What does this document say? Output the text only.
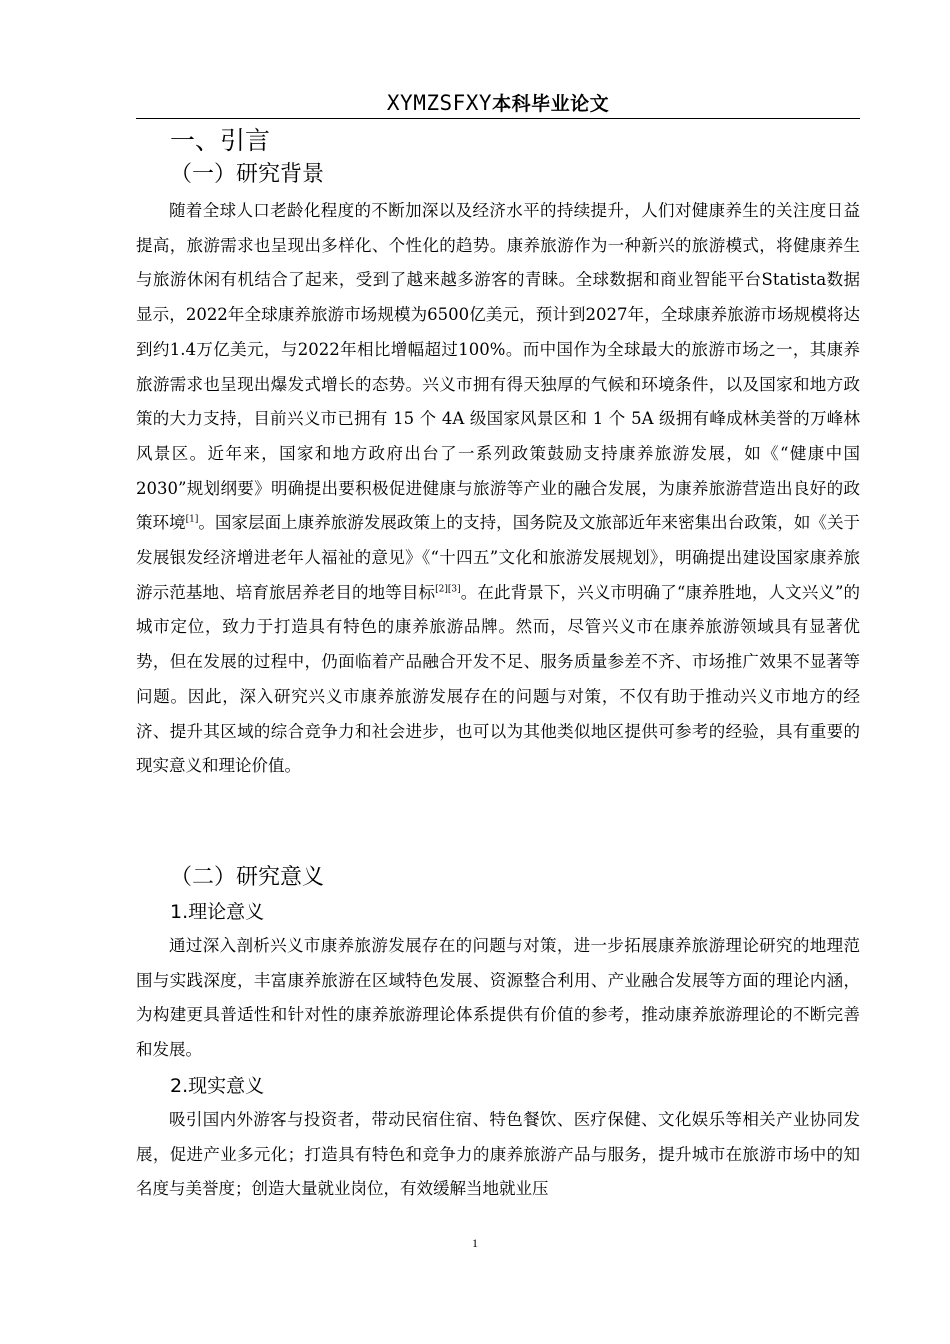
XYMZSFXY本科毕业论文
一、引言
（一）研究背景

随着全球人口老龄化程度的不断加深以及经济水平的持续提升，人们对健康养生的关注度日益提高，旅游需求也呈现出多样化、个性化的趋势。康养旅游作为一种新兴的旅游模式，将健康养生与旅游休闲有机结合了起来，受到了越来越多游客的青睐。全球数据和商业智能平台Statista数据显示，2022年全球康养旅游市场规模为6500亿美元，预计到2027年，全球康养旅游市场规模将达到约1.4万亿美元，与2022年相比增幅超过100%。而中国作为全球最大的旅游市场之一，其康养旅游需求也呈现出爆发式增长的态势。兴义市拥有得天独厚的气候和环境条件，以及国家和地方政策的大力支持，目前兴义市已拥有 15 个 4A 级国家风景区和 1 个 5A 级拥有峰成林美誉的万峰林风景区。近年来，国家和地方政府出台了一系列政策鼓励支持康养旅游发展，如《“健康中国 2030”规划纲要》明确提出要积极促进健康与旅游等产业的融合发展，为康养旅游营造出良好的政策环境[1]。国家层面上康养旅游发展政策上的支持，国务院及文旅部近年来密集出台政策，如《关于发展银发经济增进老年人福祉的意见》《“十四五”文化和旅游发展规划》，明确提出建设国家康养旅游示范基地、培育旅居养老目的地等目标[2][3]。在此背景下，兴义市明确了“康养胜地，人文兴义”的城市定位，致力于打造具有特色的康养旅游品牌。然而，尽管兴义市在康养旅游领域具有显著优势，但在发展的过程中，仍面临着产品融合开发不足、服务质量参差不齐、市场推广效果不显著等问题。因此，深入研究兴义市康养旅游发展存在的问题与对策，不仅有助于推动兴义市地方的经济、提升其区域的综合竞争力和社会进步，也可以为其他类似地区提供可参考的经验，具有重要的现实意义和理论价值。

（二）研究意义
1.理论意义

通过深入剖析兴义市康养旅游发展存在的问题与对策，进一步拓展康养旅游理论研究的地理范围与实践深度，丰富康养旅游在区域特色发展、资源整合利用、产业融合发展等方面的理论内涵，为构建更具普适性和针对性的康养旅游理论体系提供有价值的参考，推动康养旅游理论的不断完善和发展。

2.现实意义

吸引国内外游客与投资者，带动民宿住宿、特色餐饮、医疗保健、文化娱乐等相关产业协同发展，促进产业多元化；打造具有特色和竞争力的康养旅游产品与服务，提升城市在旅游市场中的知名度与美誉度；创造大量就业岗位，有效缓解当地就业压

1
